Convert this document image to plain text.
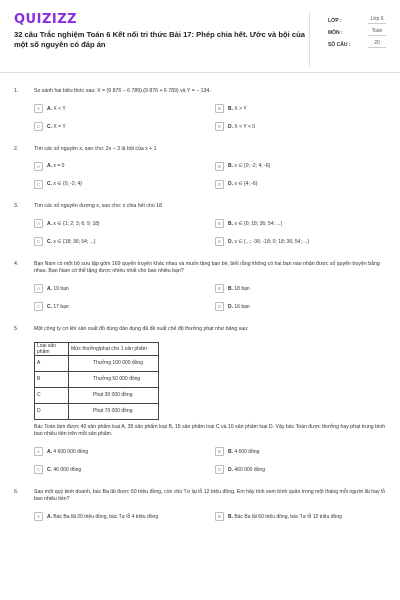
QUIZIZZ
32 câu Trắc nghiệm Toán 6 Kết nối tri thức Bài 17: Phép chia hết. Ước và bội của một số nguyên có đáp án
LỚP :	Lớp 6
MÔN :	Toán
SỐ CÂU :	20
1.	So sánh hai biểu thức sau: X = (9 876 − 6 789).(9 876 + 6 789) và Y = − 134.
A	A.
X < Y	B	B.
X > Y
C	C.
X = Y	D	D.
X < Y < 0
2.	Tìm các số nguyên x, sao cho: 2x − 3 là bội của x + 1
A	A.
x = 0	B	B.
x ∈ {0; -2; 4; -6}
C	C.
x ∈ {0; -2; 4}	D	D.
x ∈ {4; -6}
3.	Tìm các số nguyên dương x, sao cho: x chia hết cho 18
A	A.
x ∈ {1; 2; 3; 6; 9; 18}	B	B.
x ∈ {0; 18; 36; 54; ...}
C	C.
x ∈ {18; 36; 54; ...}	D	D.
x ∈ {...; -36; -18; 0; 18; 36; 54; ...}
4.	Bạn Nam có một bộ sưu tập gồm 169 quyển truyện khác nhau và muốn tặng bạn bè, biết rằng không có hai bạn nào nhận được số quyển truyện bằng nhau. Bạn Nam có thể tặng được nhiều nhất cho bao nhiêu bạn?
A	A.
19 bạn	B	B.
18 bạn
C	C.
17 bạn	D	D.
16 bạn
5.	Một công ty cơ khí sản xuất đồ dùng dân dụng đã đề xuất chế độ thưởng phạt như bảng sau:
Loại sản phẩm	Mức thưởng/phạt cho 1 sản phẩm
A	Thưởng 100 000 đồng
B	Thưởng 50 000 đồng
C	Phạt 30 000 đồng
D	Phạt 70 000 đồng
Bác Toàn làm được 40 sản phẩm loại A, 35 sản phẩm loại B, 15 sản phẩm loại C và 10 sản phẩm loại D. Vậy bác Toàn được thưởng hay phạt trung bình bao nhiêu tiền trên mỗi sản phẩm.
A	A.
4 600 000 đồng	B	B.
4 600 đồng
C	C.
46 000 đồng	D	D.
460 000 đồng
6.	Sau một quý kinh doanh, bác Ba lãi được 60 triệu đồng, còn chú Tư lại lỗ 12 triệu đồng. Em hãy tính xem bình quân trong một tháng mỗi người lãi hay lỗ bao nhiêu tiền?
A	A.
Bác Ba lãi 20 triệu đồng, bác Tư lỗ 4 triệu đồng	B	B.
Bác Ba lãi 60 triệu đồng, bác Tư lỗ 12 triệu đồng
